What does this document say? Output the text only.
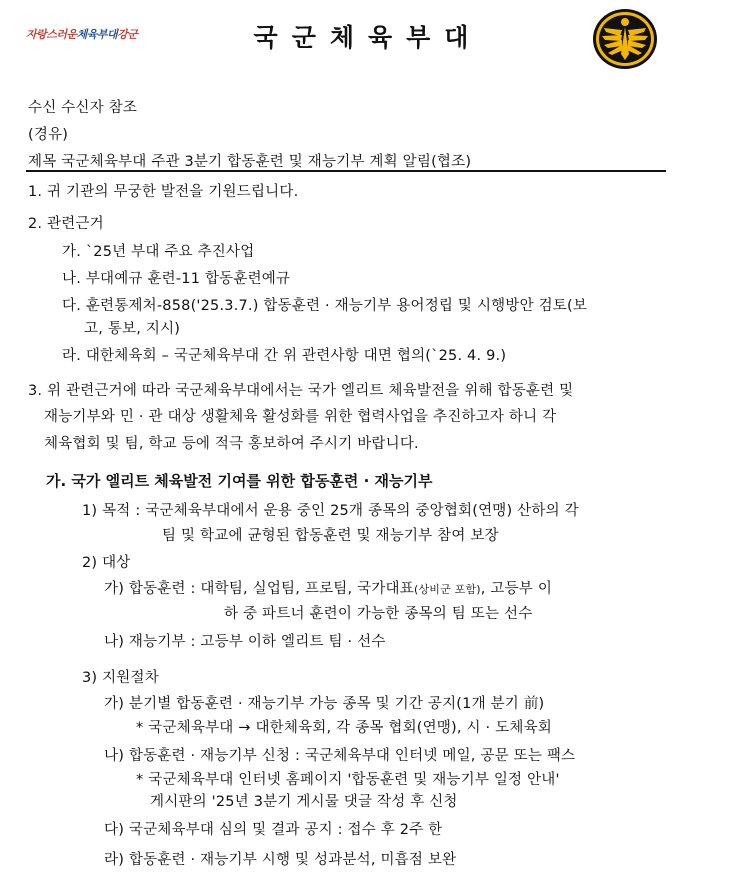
자랑스러운체육부대강군	국군체육부대
수신 수신자 참조
(경유)
제목 국군체육부대 주관 3분기 합동훈련 및 재능기부 계획 알림(협조)
1. 귀 기관의 무궁한 발전을 기원드립니다.
2. 관련근거
가. `25년 부대 주요 추진사업
나. 부대예규 훈련-11 합동훈련예규
다. 훈련통제처-858('25.3.7.) 합동훈련 · 재능기부 용어정립 및 시행방안 검토(보
고, 통보, 지시)
라. 대한체육회 – 국군체육부대 간 위 관련사항 대면 협의(`25. 4. 9.)
3. 위 관련근거에 따라 국군체육부대에서는 국가 엘리트 체육발전을 위해 합동훈련 및
재능기부와 민 · 관 대상 생활체육 활성화를 위한 협력사업을 추진하고자 하니 각
체육협회 및 팀, 학교 등에 적극 홍보하여 주시기 바랍니다.
가. 국가 엘리트 체육발전 기여를 위한 합동훈련 · 재능기부
1) 목적 : 국군체육부대에서 운용 중인 25개 종목의 중앙협회(연맹) 산하의 각
팀 및 학교에 균형된 합동훈련 및 재능기부 참여 보장
2) 대상
가) 합동훈련 : 대학팀, 실업팀, 프로팀, 국가대표(상비군 포함), 고등부 이
하 중 파트너 훈련이 가능한 종목의 팀 또는 선수
나) 재능기부 : 고등부 이하 엘리트 팀 · 선수
3) 지원절차
가) 분기별 합동훈련 · 재능기부 가능 종목 및 기간 공지(1개 분기 前)
* 국군체육부대 → 대한체육회, 각 종목 협회(연맹), 시 · 도체육회
나) 합동훈련 · 재능기부 신청 : 국군체육부대 인터넷 메일, 공문 또는 팩스
* 국군체육부대 인터넷 홈페이지 '합동훈련 및 재능기부 일정 안내'
게시판의 '25년 3분기 게시물 댓글 작성 후 신청
다) 국군체육부대 심의 및 결과 공지 : 접수 후 2주 한
라) 합동훈련 · 재능기부 시행 및 성과분석, 미흡점 보완
